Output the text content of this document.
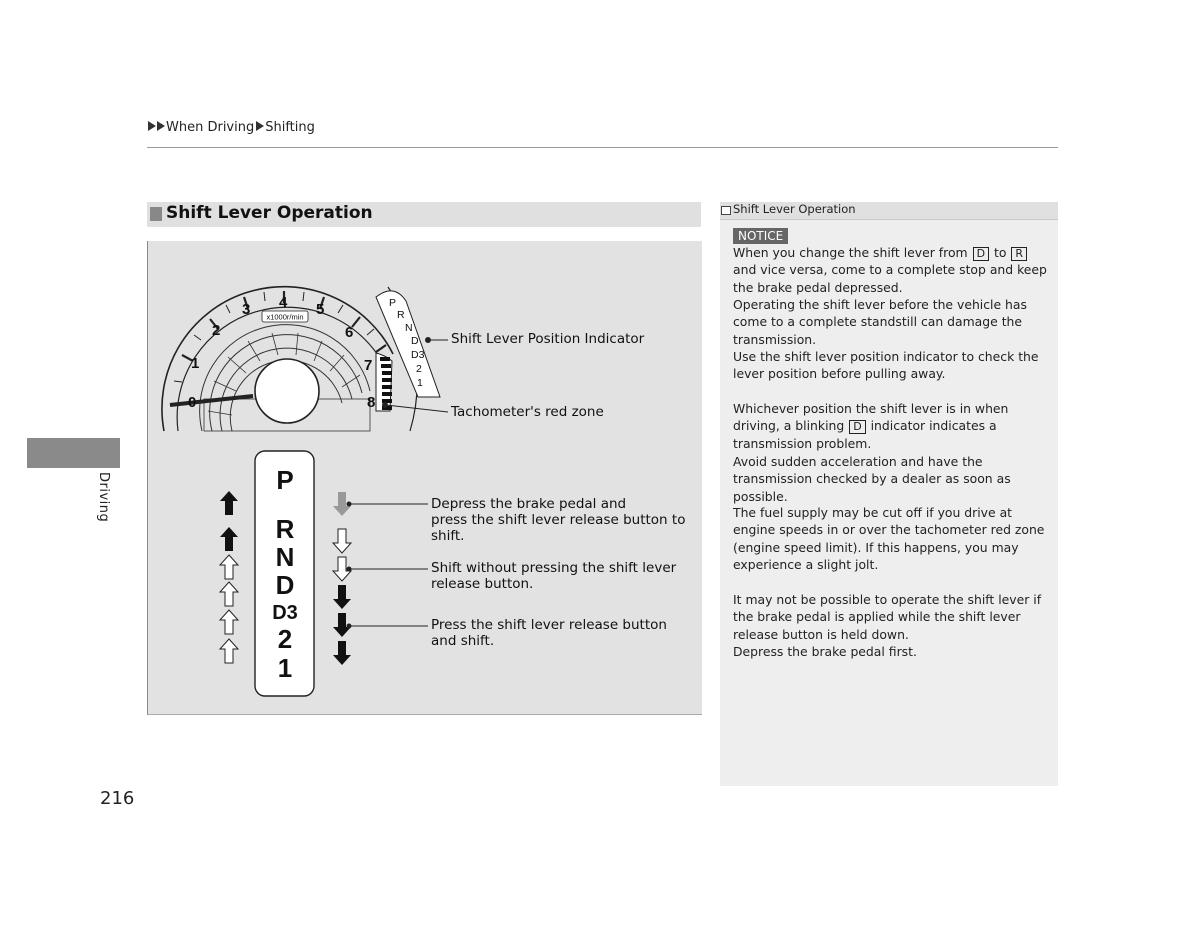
When Driving Shifting
Driving
216
Shift Lever Operation
0
1
2
3 4 5
6
7
8
x1000r/min
P
R
N
D
D3
2
1
P
R
N
D
D3
2
1
Shift Lever Position Indicator
Tachometer's red zone
Depress the brake pedal and
press the shift lever release button to
shift.
Shift without pressing the shift lever
release button.
Press the shift lever release button
and shift.
Shift Lever Operation
NOTICE
When you change the shift lever from D to R and vice versa, come to a complete stop and keep the brake pedal depressed.
Operating the shift lever before the vehicle has come to a complete standstill can damage the transmission.
Use the shift lever position indicator to check the lever position before pulling away.
Whichever position the shift lever is in when driving, a blinking D indicator indicates a transmission problem.
Avoid sudden acceleration and have the transmission checked by a dealer as soon as possible.
The fuel supply may be cut off if you drive at engine speeds in or over the tachometer red zone (engine speed limit). If this happens, you may experience a slight jolt.
It may not be possible to operate the shift lever if the brake pedal is applied while the shift lever release button is held down.
Depress the brake pedal first.
